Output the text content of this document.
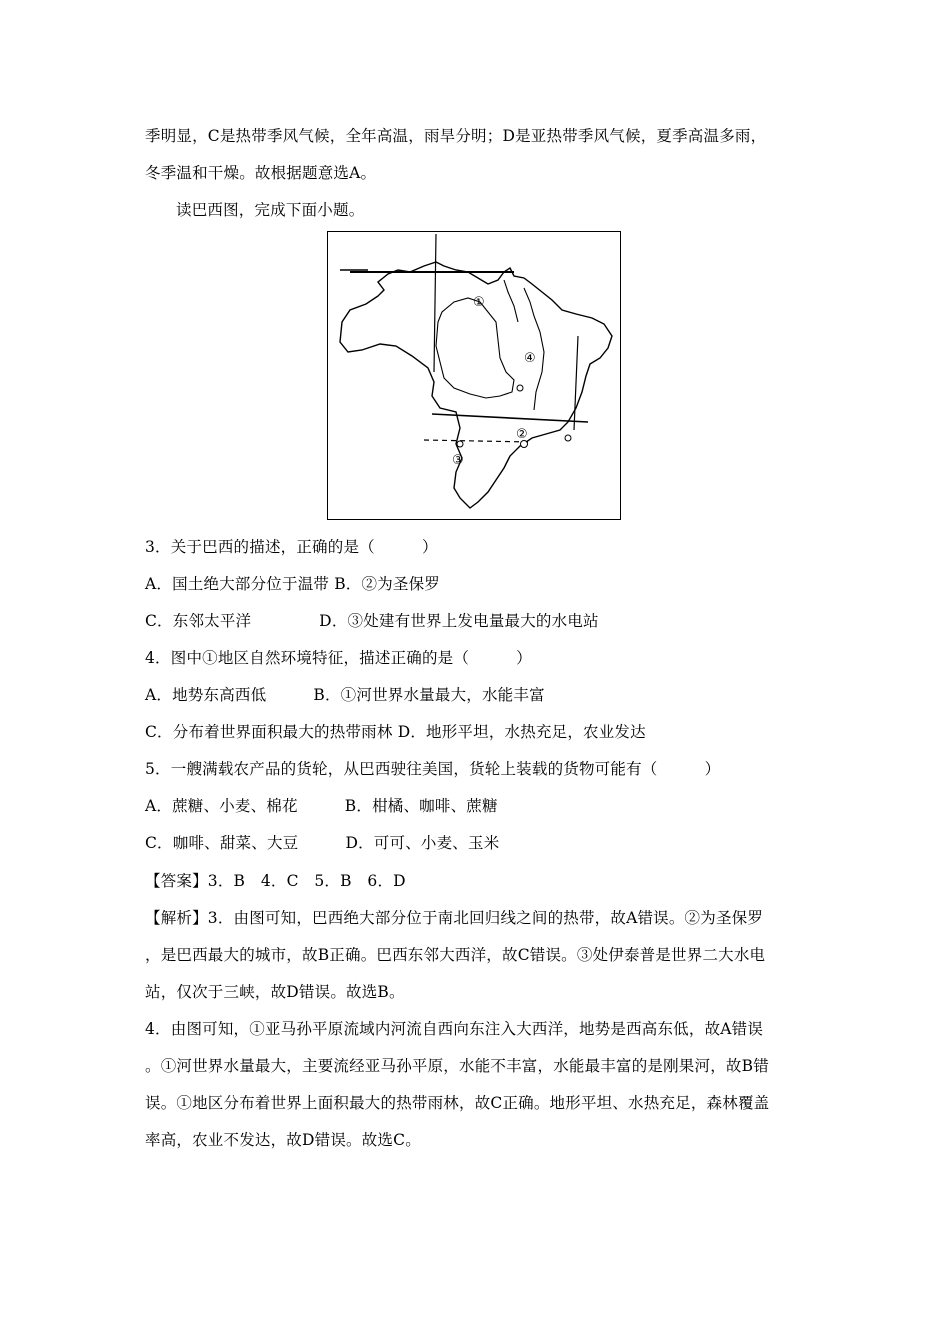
季明显，C是热带季风气候，全年高温，雨旱分明；D是亚热带季风气候，夏季高温多雨，
冬季温和干燥。故根据题意选A。
读巴西图，完成下面小题。
①
②
③
④
3．关于巴西的描述，正确的是（　　　）
A．国土绝大部分位于温带 B．②为圣保罗
C．东邻太平洋　　　　 D．③处建有世界上发电量最大的水电站
4．图中①地区自然环境特征，描述正确的是（　　　）
A．地势东高西低　　　B．①河世界水量最大，水能丰富
C．分布着世界面积最大的热带雨林 D．地形平坦，水热充足，农业发达
5．一艘满载农产品的货轮，从巴西驶往美国，货轮上装载的货物可能有（　　　）
A．蔗糖、小麦、棉花　　　B．柑橘、咖啡、蔗糖
C．咖啡、甜菜、大豆　　　D．可可、小麦、玉米
【答案】3．B　4．C　5．B　6．D
【解析】3．由图可知，巴西绝大部分位于南北回归线之间的热带，故A错误。②为圣保罗
，是巴西最大的城市，故B正确。巴西东邻大西洋，故C错误。③处伊泰普是世界二大水电
站，仅次于三峡，故D错误。故选B。
4．由图可知，①亚马孙平原流域内河流自西向东注入大西洋，地势是西高东低，故A错误
。①河世界水量最大，主要流经亚马孙平原，水能不丰富，水能最丰富的是刚果河，故B错
误。①地区分布着世界上面积最大的热带雨林，故C正确。地形平坦、水热充足，森林覆盖
率高，农业不发达，故D错误。故选C。
